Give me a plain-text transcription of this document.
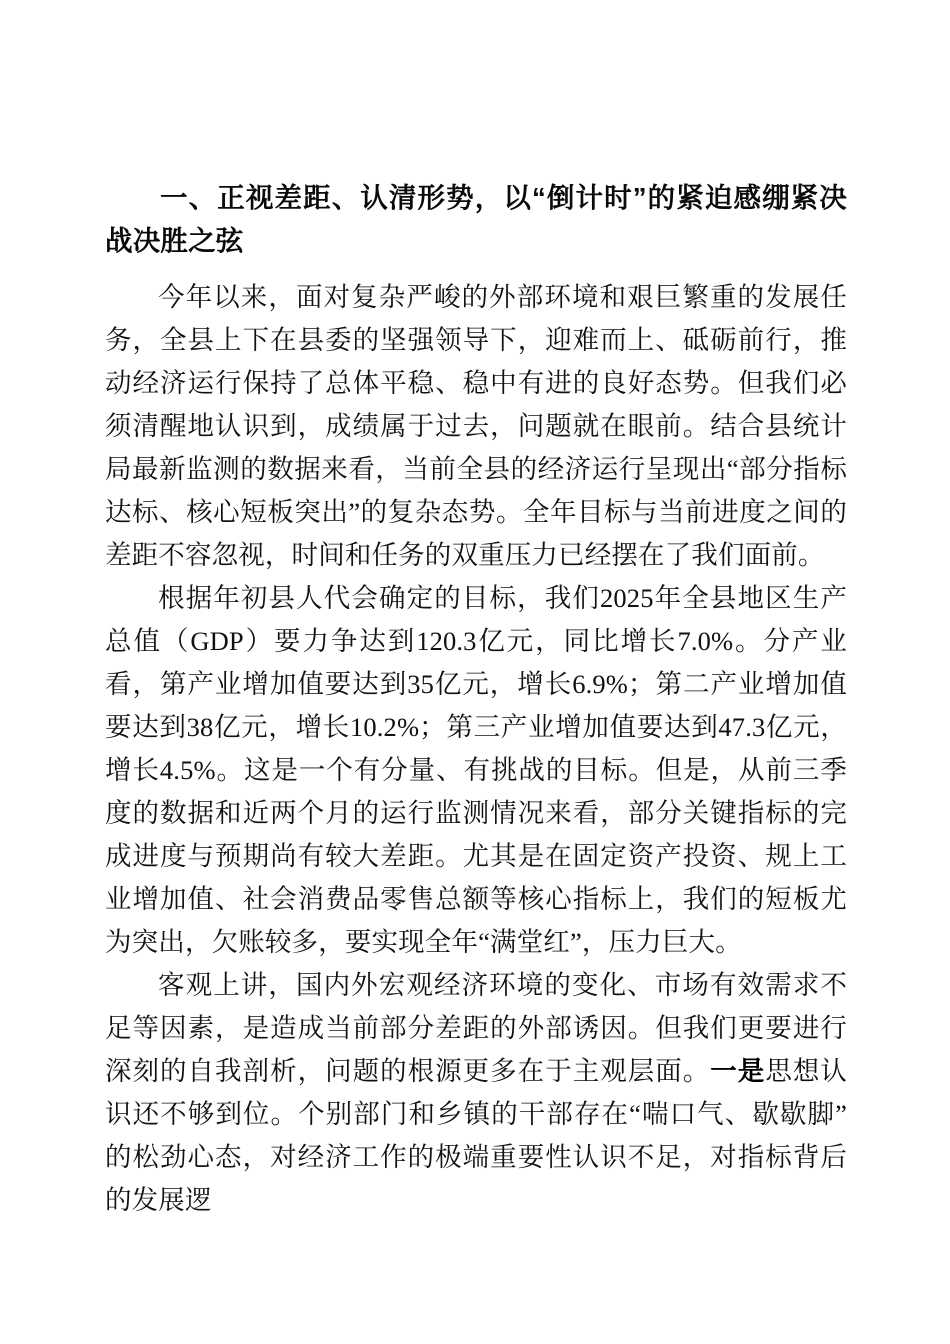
一、正视差距、认清形势，以“倒计时”的紧迫感绷紧决战决胜之弦

今年以来，面对复杂严峻的外部环境和艰巨繁重的发展任务，全县上下在县委的坚强领导下，迎难而上、砥砺前行，推动经济运行保持了总体平稳、稳中有进的良好态势。但我们必须清醒地认识到，成绩属于过去，问题就在眼前。结合县统计局最新监测的数据来看，当前全县的经济运行呈现出“部分指标达标、核心短板突出”的复杂态势。全年目标与当前进度之间的差距不容忽视，时间和任务的双重压力已经摆在了我们面前。

根据年初县人代会确定的目标，我们2025年全县地区生产总值（GDP）要力争达到120.3亿元，同比增长7.0%。分产业看，第产业增加值要达到35亿元，增长6.9%；第二产业增加值要达到38亿元，增长10.2%；第三产业增加值要达到47.3亿元，增长4.5%。这是一个有分量、有挑战的目标。但是，从前三季度的数据和近两个月的运行监测情况来看，部分关键指标的完成进度与预期尚有较大差距。尤其是在固定资产投资、规上工业增加值、社会消费品零售总额等核心指标上，我们的短板尤为突出，欠账较多，要实现全年“满堂红”，压力巨大。

客观上讲，国内外宏观经济环境的变化、市场有效需求不足等因素，是造成当前部分差距的外部诱因。但我们更要进行深刻的自我剖析，问题的根源更多在于主观层面。一是思想认识还不够到位。个别部门和乡镇的干部存在“喘口气、歇歇脚”的松劲心态，对经济工作的极端重要性认识不足，对指标背后的发展逻
